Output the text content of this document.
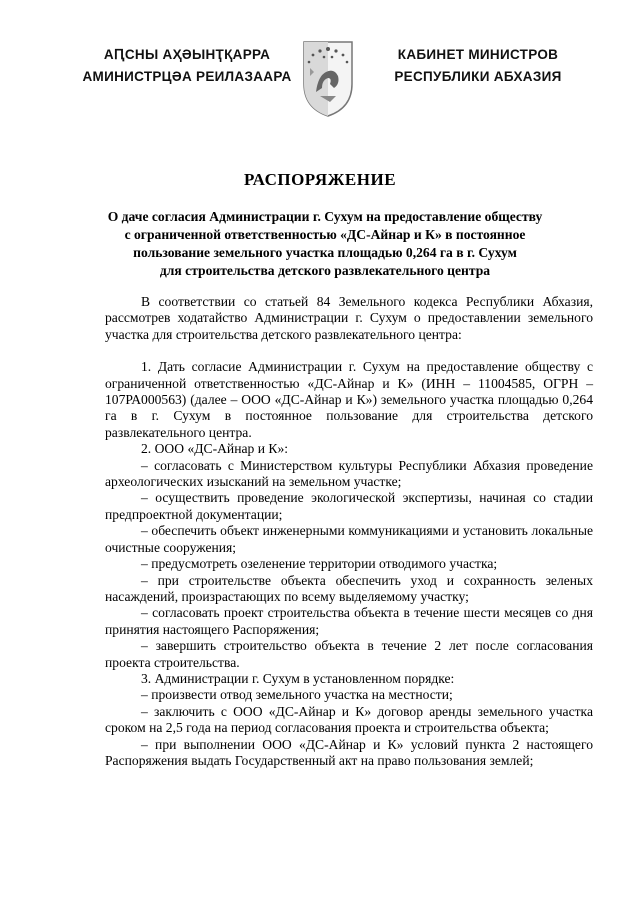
АԤСНЫ АҲӘЫНҬҚАРРА
АМИНИСТРЦӘА РЕИЛАЗААРА
КАБИНЕТ МИНИСТРОВ
РЕСПУБЛИКИ АБХАЗИЯ
РАСПОРЯЖЕНИЕ
О даче согласия Администрации г. Сухум на предоставление обществу
с ограниченной ответственностью «ДС-Айнар и К» в постоянное
пользование земельного участка площадью 0,264 га в г. Сухум
для строительства детского развлекательного центра

В соответствии со статьей 84 Земельного кодекса Республики Абхазия, рассмотрев ходатайство Администрации г. Сухум о предоставлении земельного участка для строительства детского развлекательного центра:

1. Дать согласие Администрации г. Сухум на предоставление обществу с ограниченной ответственностью «ДС-Айнар и К» (ИНН – 11004585, ОГРН – 107РА000563) (далее – ООО «ДС-Айнар и К») земельного участка площадью 0,264 га в г. Сухум в постоянное пользование для строительства детского развлекательного центра.

2. ООО «ДС-Айнар и К»:

– согласовать с Министерством культуры Республики Абхазия проведение археологических изысканий на земельном участке;

– осуществить проведение экологической экспертизы, начиная со стадии предпроектной документации;

– обеспечить объект инженерными коммуникациями и установить локальные очистные сооружения;

– предусмотреть озеленение территории отводимого участка;

– при строительстве объекта обеспечить уход и сохранность зеленых насаждений, произрастающих по всему выделяемому участку;

– согласовать проект строительства объекта в течение шести месяцев со дня принятия настоящего Распоряжения;

– завершить строительство объекта в течение 2 лет после согласования проекта строительства.

3. Администрации г. Сухум в установленном порядке:

– произвести отвод земельного участка на местности;

– заключить с ООО «ДС-Айнар и К» договор аренды земельного участка сроком на 2,5 года на период согласования проекта и строительства объекта;

– при выполнении ООО «ДС-Айнар и К» условий пункта 2 настоящего Распоряжения выдать Государственный акт на право пользования землей;
